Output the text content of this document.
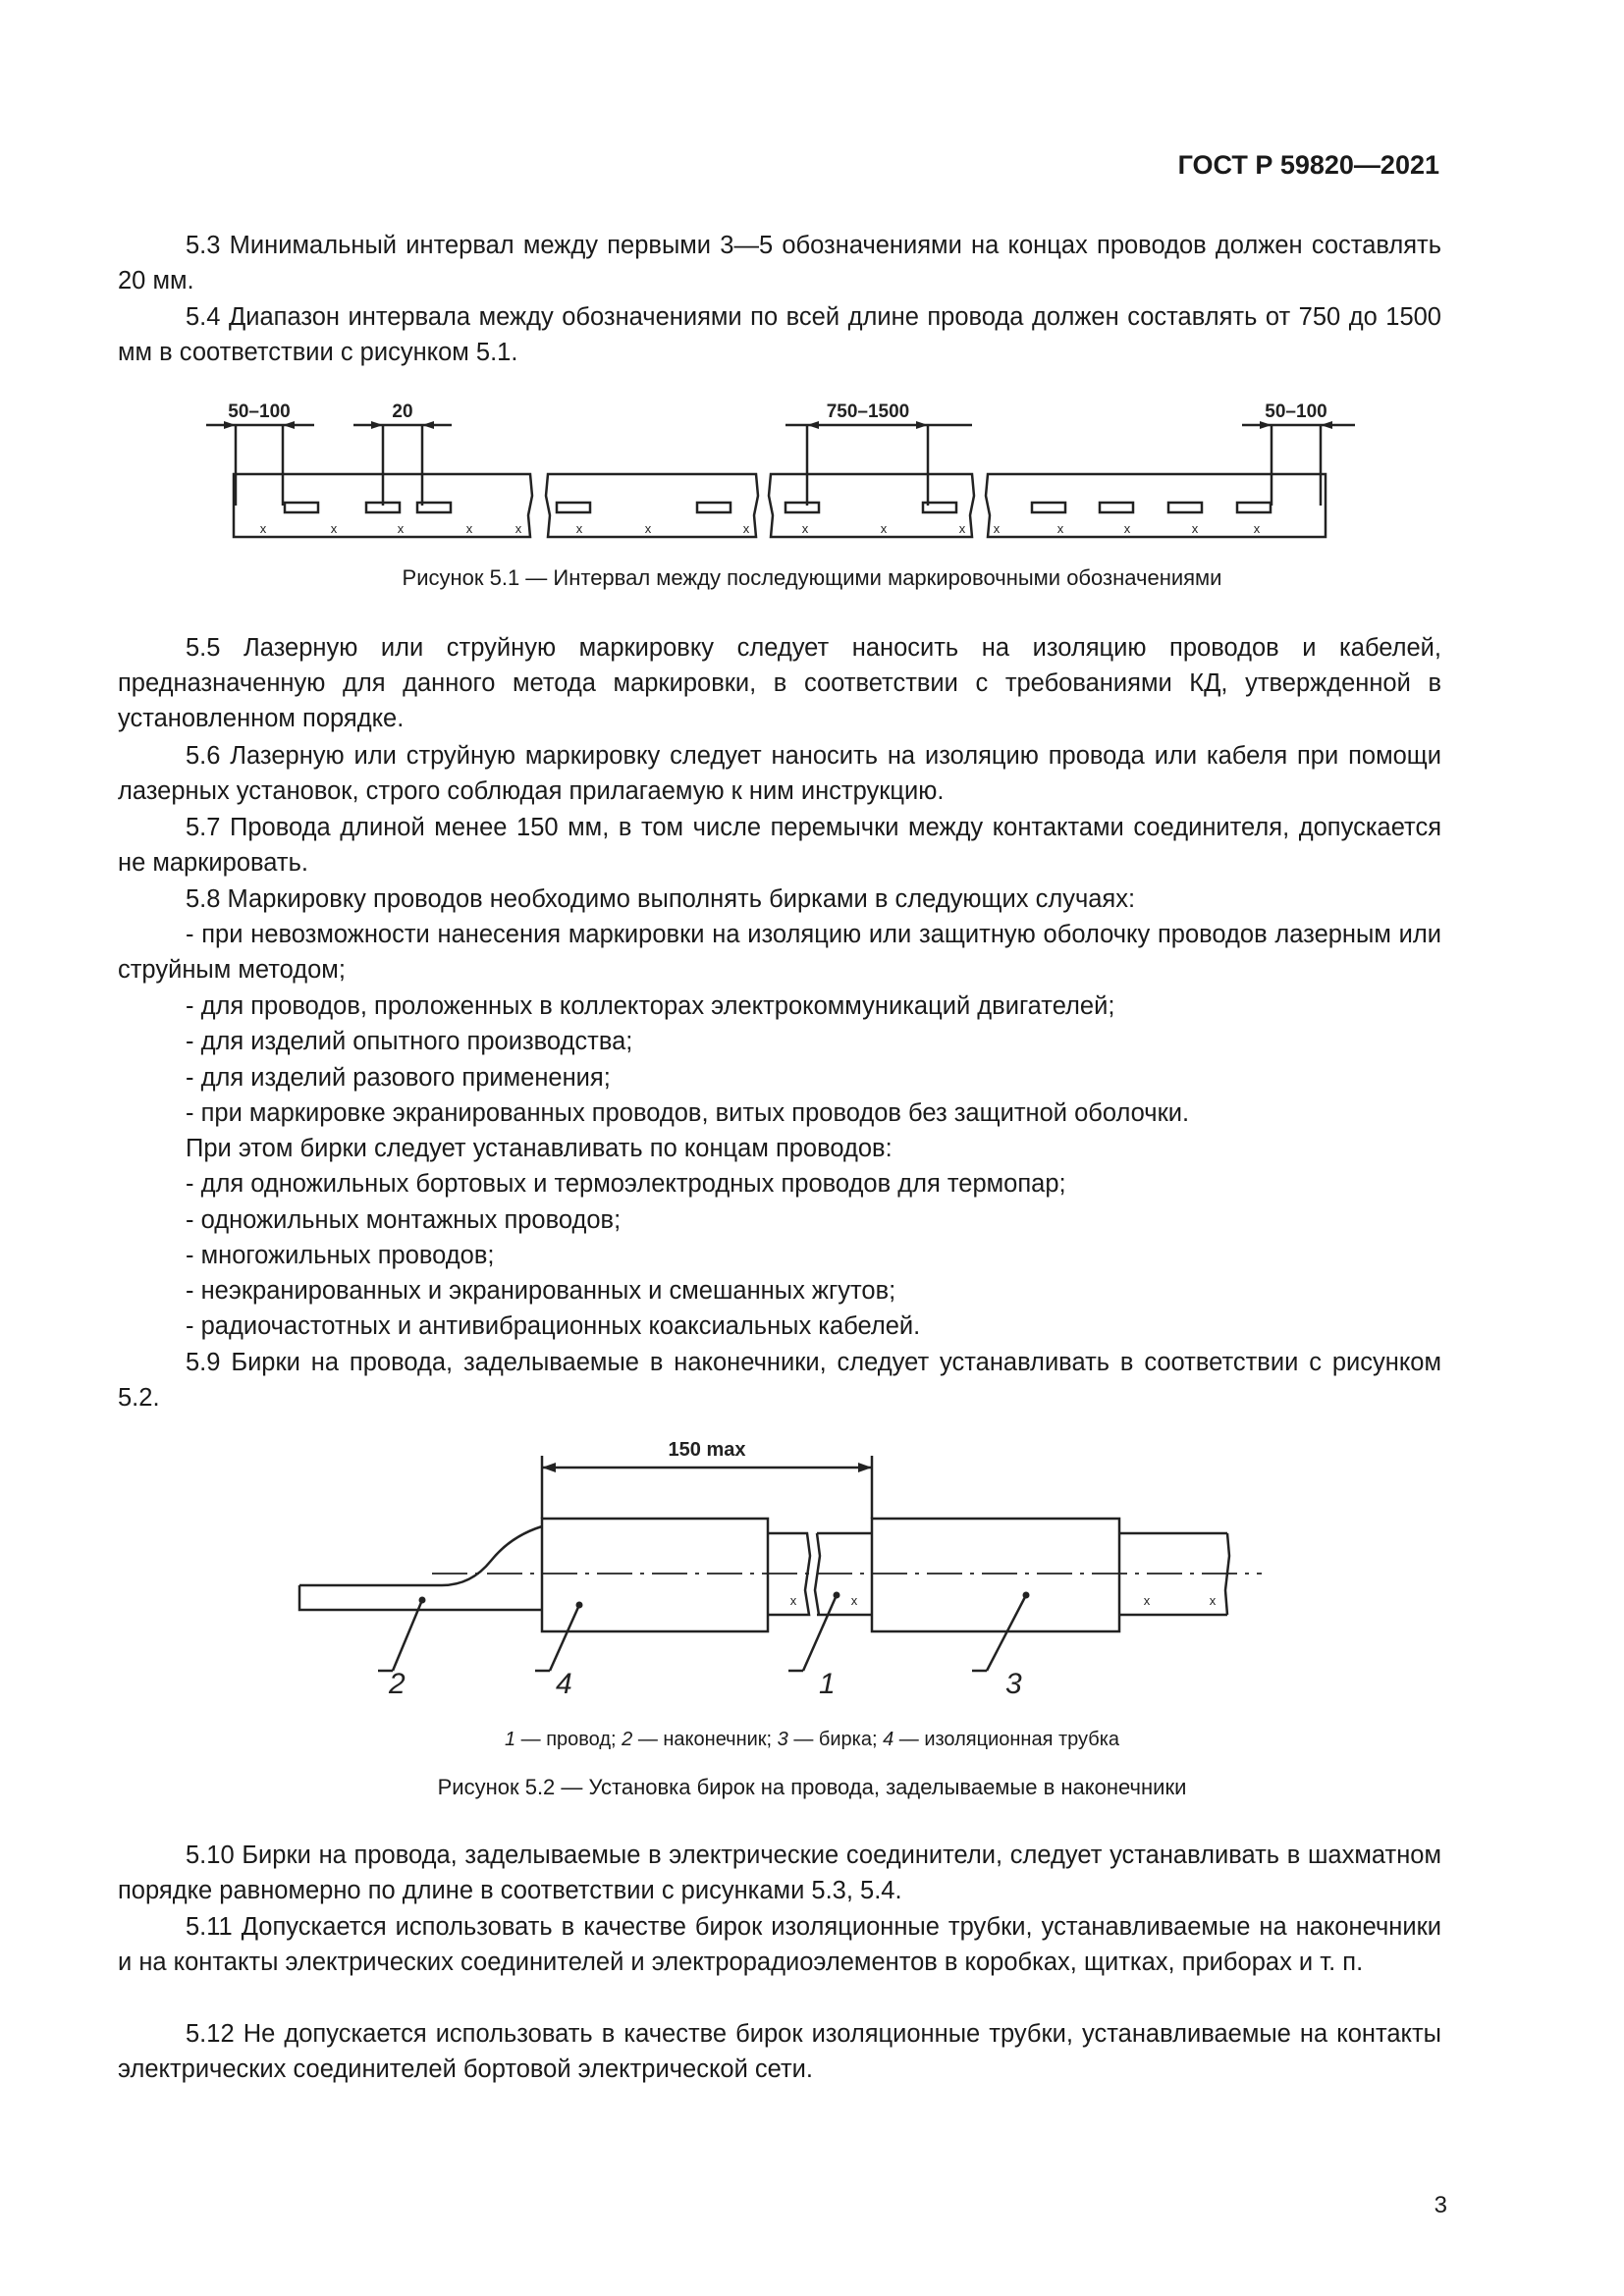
ГОСТ Р 59820—2021

5.3 Минимальный интервал между первыми 3—5 обозначениями на концах проводов должен составлять 20 мм.

5.4 Диапазон интервала между обозначениями по всей длине провода должен составлять от 750 до 1500 мм в соответствии с рисунком 5.1.

50–100	20	750–1500	50–100
x	x	x	x	x	x	x	x	x	x	x x	x	x	x	x
Рисунок 5.1 — Интервал между последующими маркировочными обозначениями

5.5 Лазерную или струйную маркировку следует наносить на изоляцию проводов и кабелей, предназначенную для данного метода маркировки, в соответствии с требованиями КД, утвержденной в установленном порядке.

5.6 Лазерную или струйную маркировку следует наносить на изоляцию провода или кабеля при помощи лазерных установок, строго соблюдая прилагаемую к ним инструкцию.

5.7 Провода длиной менее 150 мм, в том числе перемычки между контактами соединителя, допускается не маркировать.

5.8 Маркировку проводов необходимо выполнять бирками в следующих случаях:

- при невозможности нанесения маркировки на изоляцию или защитную оболочку проводов лазерным или струйным методом;

- для проводов, проложенных в коллекторах электрокоммуникаций двигателей;

- для изделий опытного производства;

- для изделий разового применения;

- при маркировке экранированных проводов, витых проводов без защитной оболочки.

При этом бирки следует устанавливать по концам проводов:

- для одножильных бортовых и термоэлектродных проводов для термопар;

- одножильных монтажных проводов;

- многожильных проводов;

- неэкранированных и экранированных и смешанных жгутов;

- радиочастотных и антивибрационных коаксиальных кабелей.

5.9 Бирки на провода, заделываемые в наконечники, следует устанавливать в соответствии с рисунком 5.2.

150 max
x	x	x	x
2	4	1	3
1 — провод; 2 — наконечник; 3 — бирка; 4 — изоляционная трубка
Рисунок 5.2 — Установка бирок на провода, заделываемые в наконечники

5.10 Бирки на провода, заделываемые в электрические соединители, следует устанавливать в шахматном порядке равномерно по длине в соответствии с рисунками 5.3, 5.4.

5.11 Допускается использовать в качестве бирок изоляционные трубки, устанавливаемые на наконечники и на контакты электрических соединителей и электрорадиоэлементов в коробках, щитках, приборах и т. п.

5.12 Не допускается использовать в качестве бирок изоляционные трубки, устанавливаемые на контакты электрических соединителей бортовой электрической сети.

3
